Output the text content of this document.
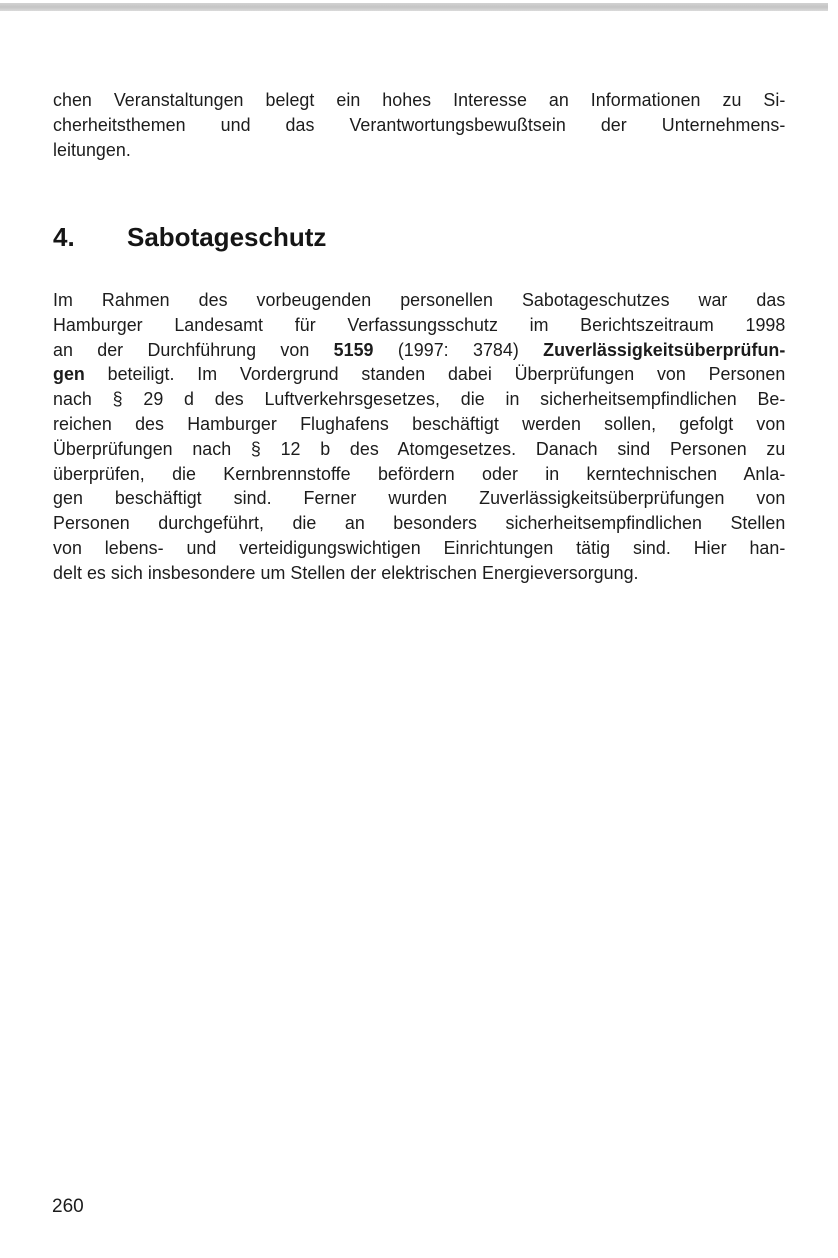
chen Veranstaltungen belegt ein hohes Interesse an Informationen zu Si-
cherheitsthemen und das Verantwortungsbewußtsein der Unternehmens-
leitungen.

4.	Sabotageschutz

Im Rahmen des vorbeugenden personellen Sabotageschutzes war das
Hamburger Landesamt für Verfassungsschutz im Berichtszeitraum 1998
an der Durchführung von 5159 (1997: 3784) Zuverlässigkeitsüberprüfun-
gen beteiligt. Im Vordergrund standen dabei Überprüfungen von Personen
nach § 29 d des Luftverkehrsgesetzes, die in sicherheitsempfindlichen Be-
reichen des Hamburger Flughafens beschäftigt werden sollen, gefolgt von
Überprüfungen nach § 12 b des Atomgesetzes. Danach sind Personen zu
überprüfen, die Kernbrennstoffe befördern oder in kerntechnischen Anla-
gen beschäftigt sind. Ferner wurden Zuverlässigkeitsüberprüfungen von
Personen durchgeführt, die an besonders sicherheitsempfindlichen Stellen
von lebens- und verteidigungswichtigen Einrichtungen tätig sind. Hier han-
delt es sich insbesondere um Stellen der elektrischen Energieversorgung.

260
